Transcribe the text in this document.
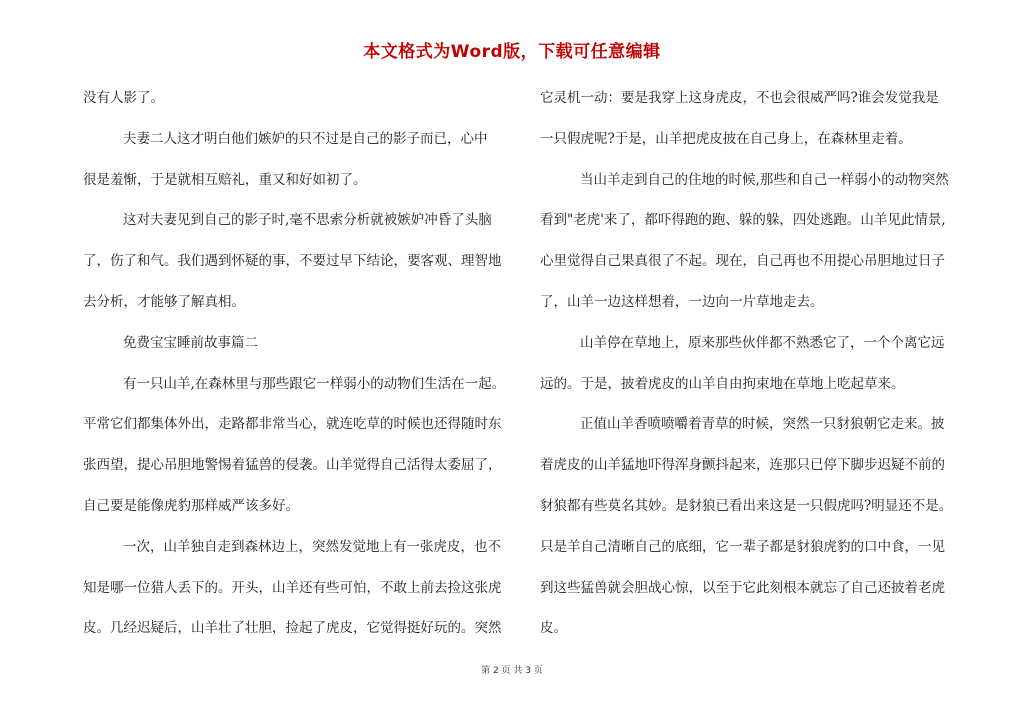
本文格式为Word版，下载可任意编辑
没有人影了。
夫妻二人这才明白他们嫉妒的只不过是自己的影子而已，心中
很是羞惭，于是就相互赔礼，重又和好如初了。
这对夫妻见到自己的影子时,毫不思索分析就被嫉妒冲昏了头脑
了，伤了和气。我们遇到怀疑的事，不要过早下结论，要客观、理智地
去分析，才能够了解真相。
免费宝宝睡前故事篇二
有一只山羊,在森林里与那些跟它一样弱小的动物们生活在一起。
平常它们都集体外出，走路都非常当心，就连吃草的时候也还得随时东
张西望，提心吊胆地警惕着猛兽的侵袭。山羊觉得自己活得太委屈了，
自己要是能像虎豹那样威严该多好。
一次，山羊独自走到森林边上，突然发觉地上有一张虎皮，也不
知是哪一位猎人丢下的。开头，山羊还有些可怕，不敢上前去捡这张虎
皮。几经迟疑后，山羊壮了壮胆，捡起了虎皮，它觉得挺好玩的。突然
它灵机一动：要是我穿上这身虎皮，不也会很威严吗?谁会发觉我是
一只假虎呢?于是，山羊把虎皮披在自己身上，在森林里走着。
当山羊走到自己的住地的时候,那些和自己一样弱小的动物突然
看到"老虎'来了，都吓得跑的跑、躲的躲，四处逃跑。山羊见此情景,
心里觉得自己果真很了不起。现在，自己再也不用提心吊胆地过日子
了，山羊一边这样想着，一边向一片草地走去。
山羊停在草地上，原来那些伙伴都不熟悉它了，一个个离它远
远的。于是，披着虎皮的山羊自由拘束地在草地上吃起草来。
正值山羊香喷喷嚼着青草的时候，突然一只豺狼朝它走来。披
着虎皮的山羊猛地吓得浑身颤抖起来，连那只已停下脚步迟疑不前的
豺狼都有些莫名其妙。是豺狼已看出来这是一只假虎吗?明显还不是。
只是羊自己清晰自己的底细，它一辈子都是豺狼虎豹的口中食，一见
到这些猛兽就会胆战心惊，以至于它此刻根本就忘了自己还披着老虎
皮。
第 2 页 共 3 页
